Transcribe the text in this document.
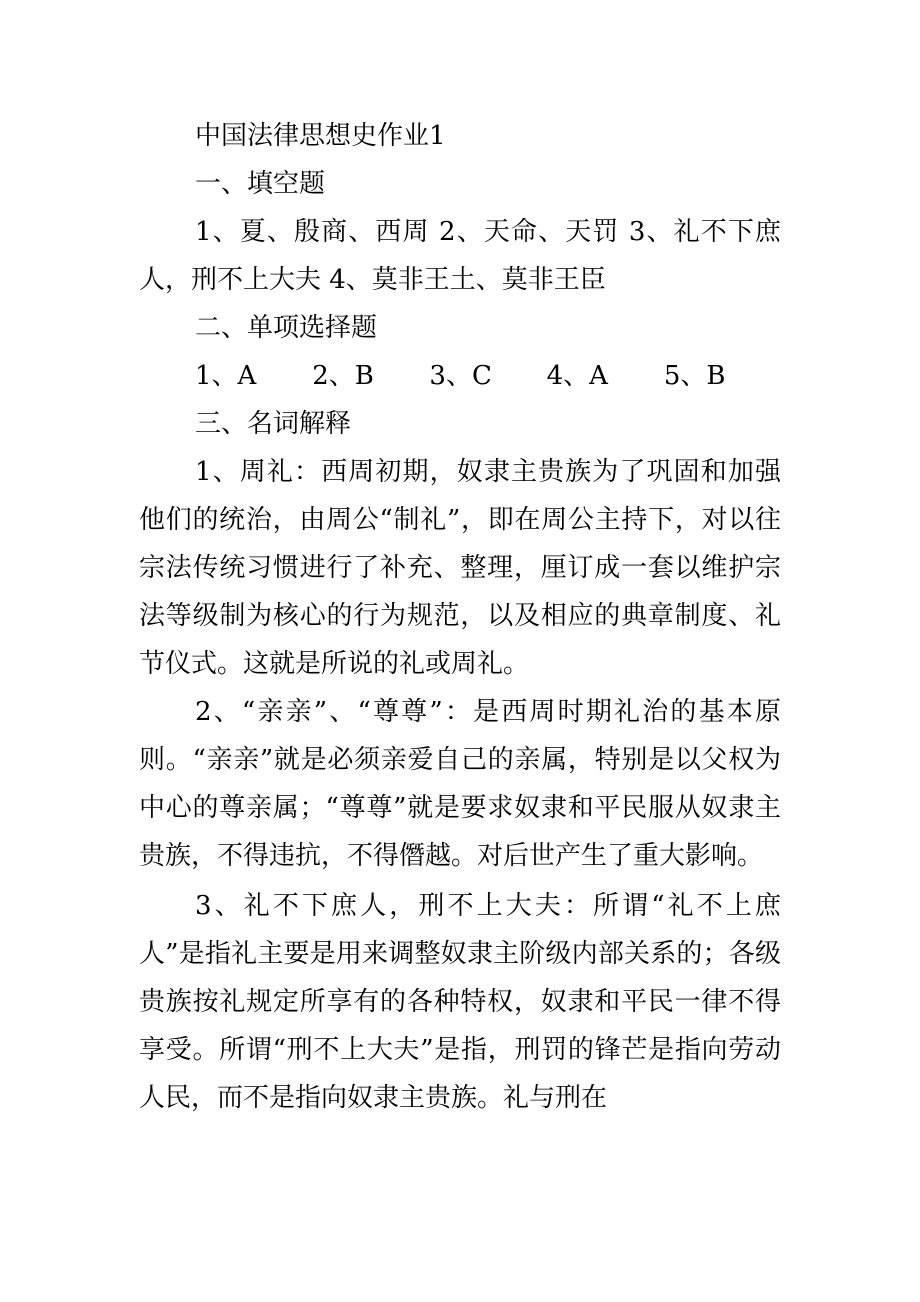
中国法律思想史作业1

一、填空题

1、夏、殷商、西周 2、天命、天罚 3、礼不下庶人，刑不上大夫 4、莫非王土、莫非王臣

二、单项选择题

1、A	2、B	3、C	4、A	5、B

三、名词解释

1、周礼：西周初期，奴隶主贵族为了巩固和加强他们的统治，由周公“制礼”，即在周公主持下，对以往宗法传统习惯进行了补充、整理，厘订成一套以维护宗法等级制为核心的行为规范，以及相应的典章制度、礼节仪式。这就是所说的礼或周礼。

2、“亲亲”、“尊尊”：是西周时期礼治的基本原则。“亲亲”就是必须亲爱自己的亲属，特别是以父权为中心的尊亲属；“尊尊”就是要求奴隶和平民服从奴隶主贵族，不得违抗，不得僭越。对后世产生了重大影响。

3、礼不下庶人，刑不上大夫：所谓“礼不上庶人”是指礼主要是用来调整奴隶主阶级内部关系的；各级贵族按礼规定所享有的各种特权，奴隶和平民一律不得享受。所谓“刑不上大夫”是指，刑罚的锋芒是指向劳动人民，而不是指向奴隶主贵族。礼与刑在
